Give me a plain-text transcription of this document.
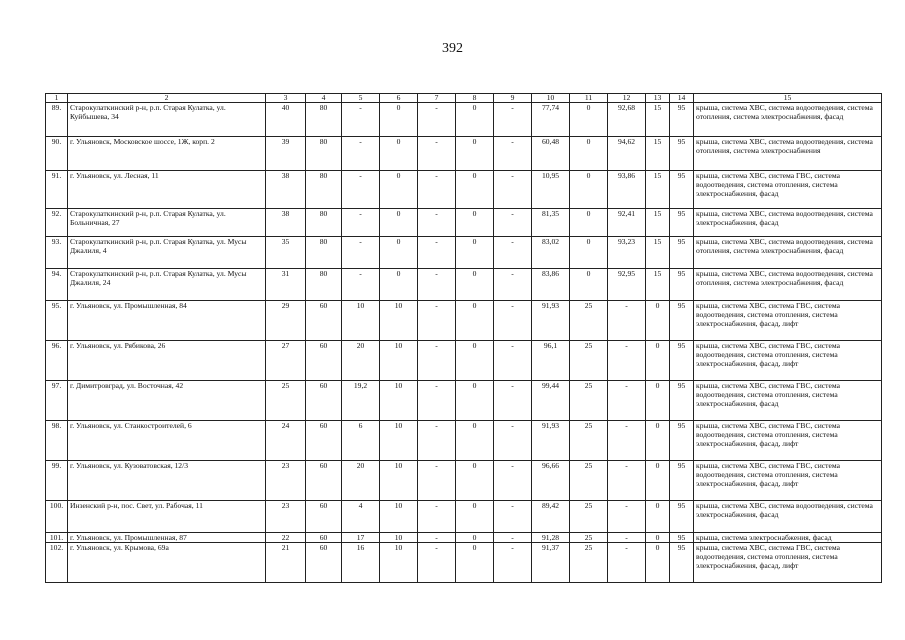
392
1	2	3	4	5	6	7	8	9	10	11	12	13	14	15
89.	Старокулаткинский р-н, р.п. Старая Кулатка, ул. Куйбышева, 34	40	80	-	0	-	0	-	77,74	0	92,68	15	95	крыша, система ХВС, система водоотведения, система отопления, система электроснабжения, фасад
90.	г. Ульяновск, Московское шоссе, 1Ж, корп. 2	39	80	-	0	-	0	-	60,48	0	94,62	15	95	крыша, система ХВС, система водоотведения, система отопления, система электроснабжения
91.	г. Ульяновск, ул. Лесная, 11	38	80	-	0	-	0	-	10,95	0	93,86	15	95	крыша, система ХВС, система ГВС, система водоотведения, система отопления, система электроснабжения, фасад
92.	Старокулаткинский р-н, р.п. Старая Кулатка, ул. Больничная, 27	38	80	-	0	-	0	-	81,35	0	92,41	15	95	крыша, система ХВС, система водоотведения, система электроснабжения, фасад
93.	Старокулаткинский р-н, р.п. Старая Кулатка, ул. Мусы Джалиля, 4	35	80	-	0	-	0	-	83,02	0	93,23	15	95	крыша, система ХВС, система водоотведения, система отопления, система электроснабжения, фасад
94.	Старокулаткинский р-н, р.п. Старая Кулатка, ул. Мусы Джалиля, 24	31	80	-	0	-	0	-	83,86	0	92,95	15	95	крыша, система ХВС, система водоотведения, система отопления, система электроснабжения, фасад
95.	г. Ульяновск, ул. Промышленная, 84	29	60	10	10	-	0	-	91,93	25	-	0	95	крыша, система ХВС, система ГВС, система водоотведения, система отопления, система электроснабжения, фасад, лифт
96.	г. Ульяновск, ул. Рябикова, 26	27	60	20	10	-	0	-	96,1	25	-	0	95	крыша, система ХВС, система ГВС, система водоотведения, система отопления, система электроснабжения, фасад, лифт
97.	г. Димитровград, ул. Восточная, 42	25	60	19,2	10	-	0	-	99,44	25	-	0	95	крыша, система ХВС, система ГВС, система водоотведения, система отопления, система электроснабжения, фасад
98.	г. Ульяновск, ул. Станкостроителей, 6	24	60	6	10	-	0	-	91,93	25	-	0	95	крыша, система ХВС, система ГВС, система водоотведения, система отопления, система электроснабжения, фасад, лифт
99.	г. Ульяновск, ул. Кузоватовская, 12/3	23	60	20	10	-	0	-	96,66	25	-	0	95	крыша, система ХВС, система ГВС, система водоотведения, система отопления, система электроснабжения, фасад, лифт
100.	Инзенский р-н, пос. Свет, ул. Рабочая, 11	23	60	4	10	-	0	-	89,42	25	-	0	95	крыша, система ХВС, система водоотведения, система электроснабжения, фасад
101.	г. Ульяновск, ул. Промышленная, 87	22	60	17	10	-	0	-	91,28	25	-	0	95	крыша, система электроснабжения, фасад
102.	г. Ульяновск, ул. Крымова, 69а	21	60	16	10	-	0	-	91,37	25	-	0	95	крыша, система ХВС, система ГВС, система водоотведения, система отопления, система электроснабжения, фасад, лифт
